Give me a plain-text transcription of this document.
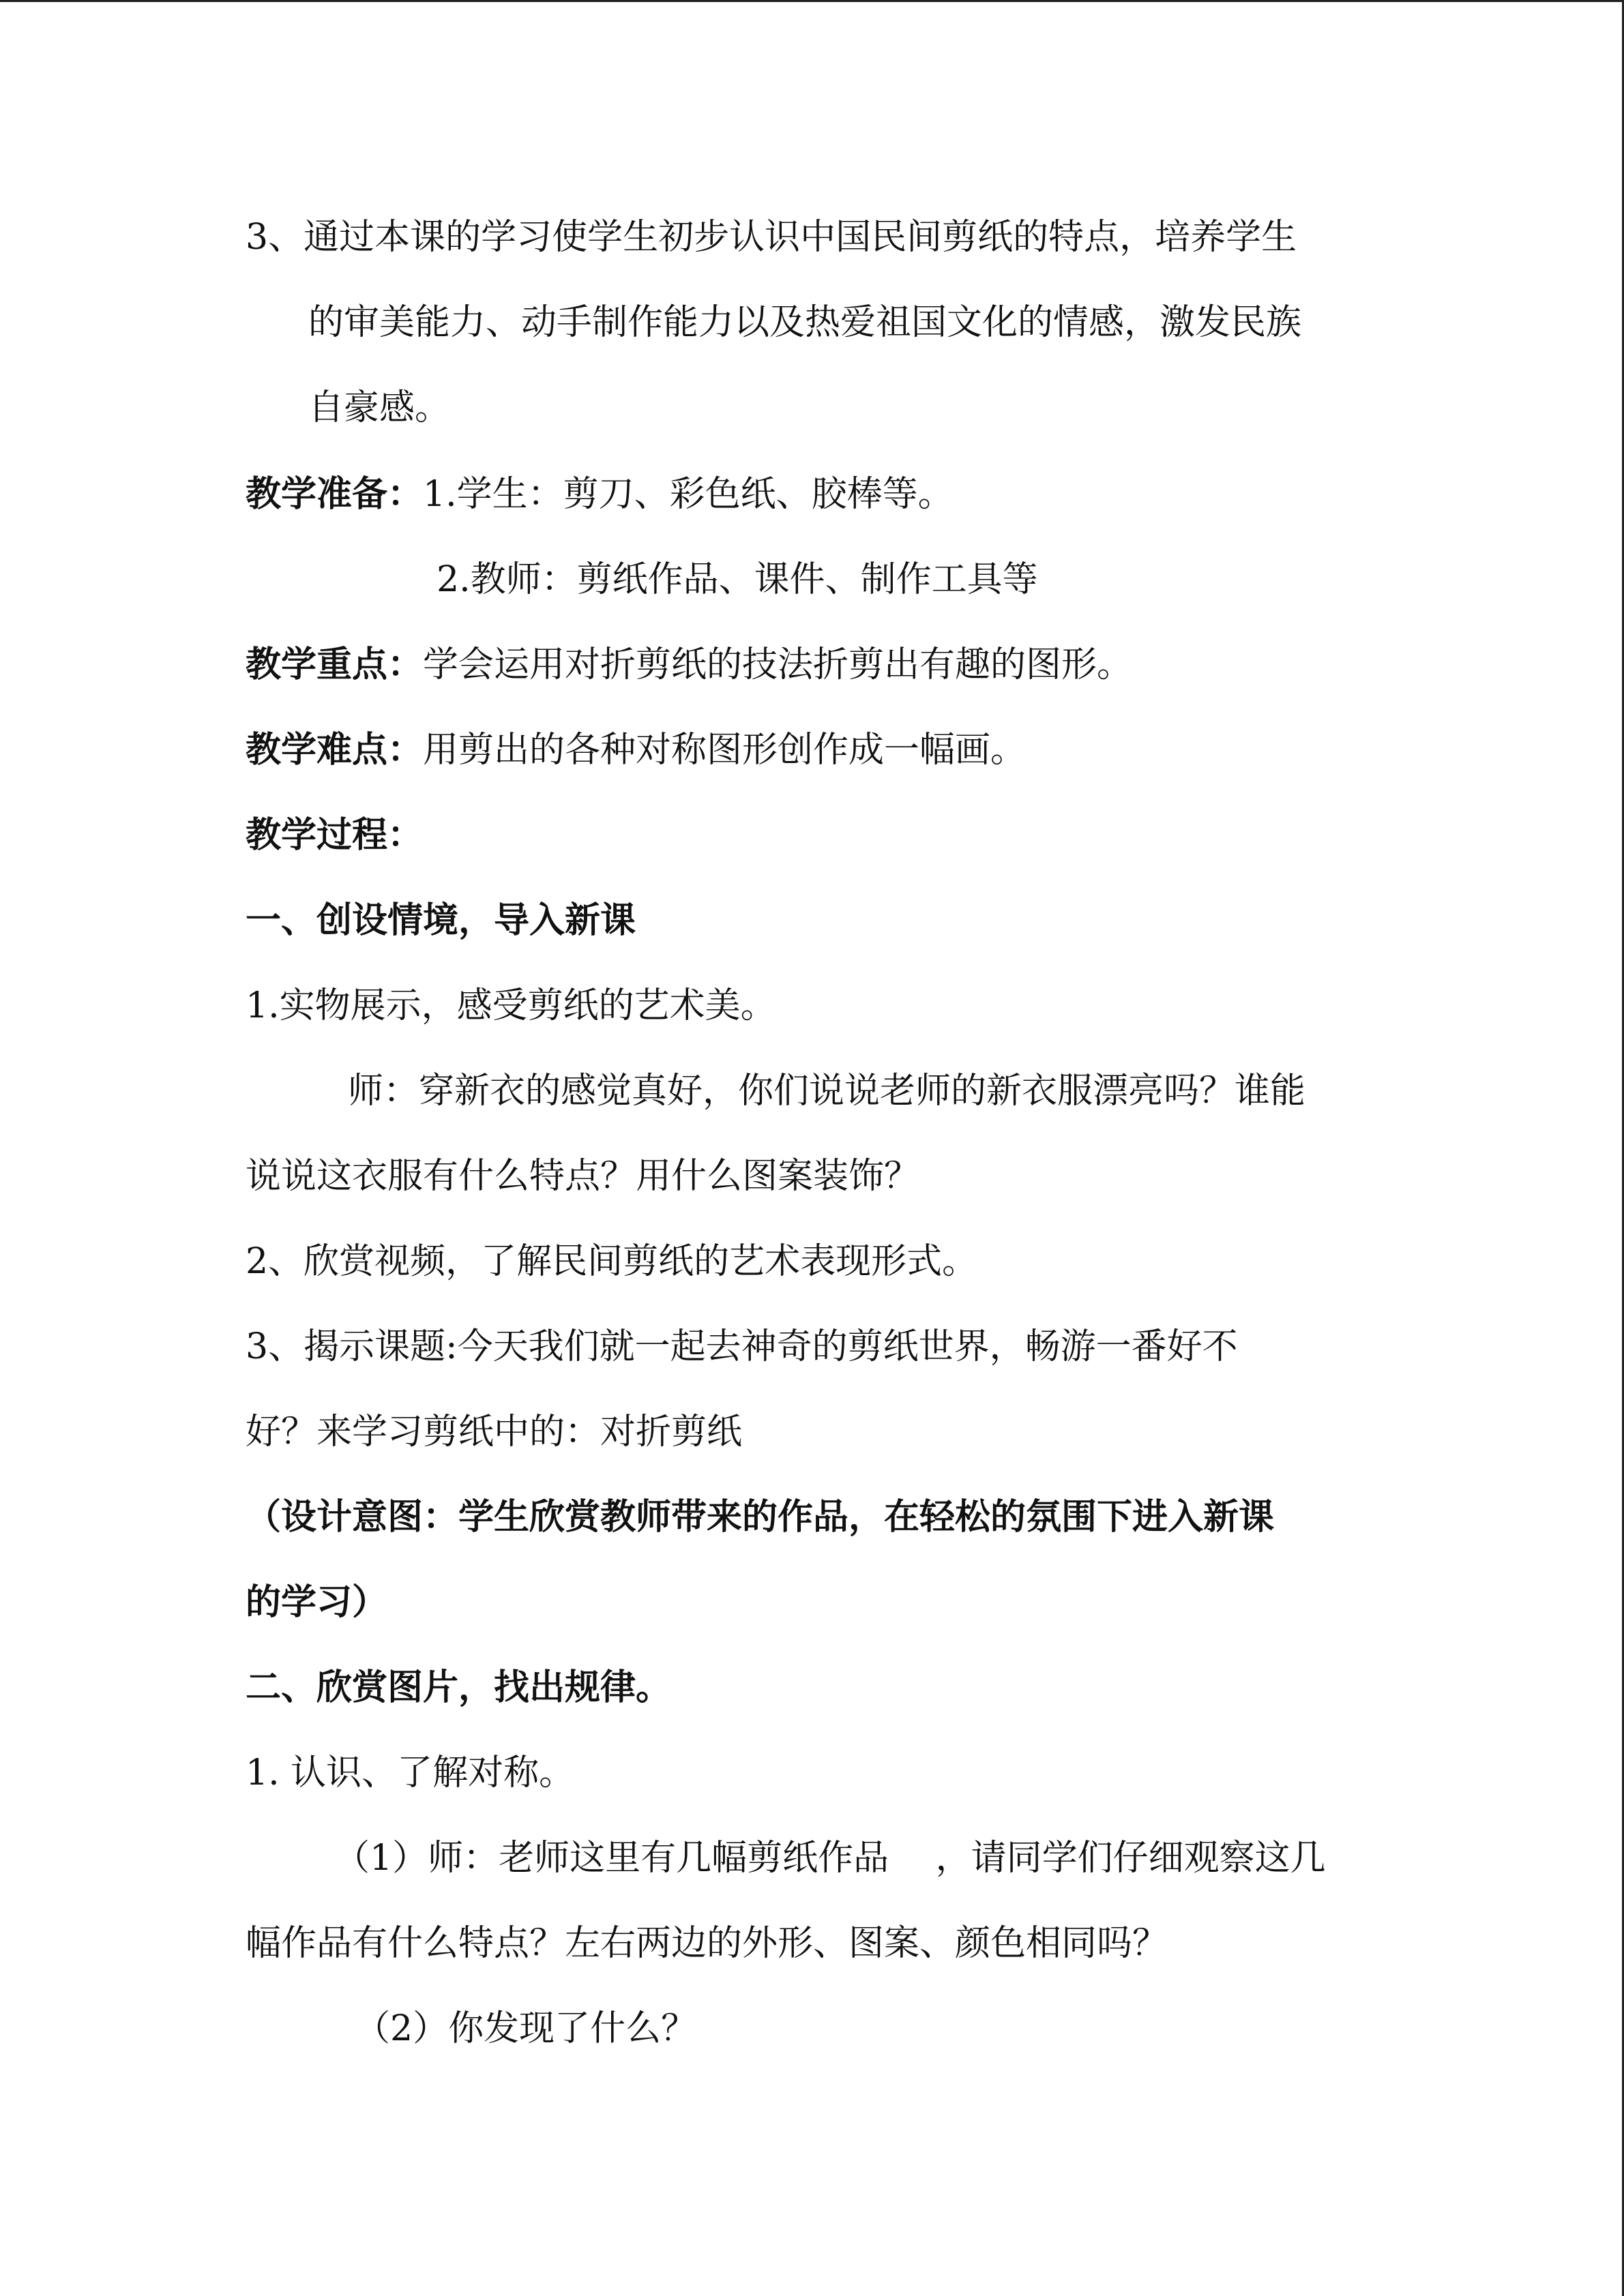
3、通过本课的学习使学生初步认识中国民间剪纸的特点，培养学生
的审美能力、动手制作能力以及热爱祖国文化的情感，激发民族
自豪感。
教学准备：1.学生：剪刀、彩色纸、胶棒等。
2.教师：剪纸作品、课件、制作工具等
教学重点：学会运用对折剪纸的技法折剪出有趣的图形。
教学难点：用剪出的各种对称图形创作成一幅画。
教学过程：
一、创设情境，导入新课
1.实物展示，感受剪纸的艺术美。
师：穿新衣的感觉真好，你们说说老师的新衣服漂亮吗？谁能
说说这衣服有什么特点？用什么图案装饰？
2、欣赏视频，了解民间剪纸的艺术表现形式。
3、揭示课题:今天我们就一起去神奇的剪纸世界，畅游一番好不
好？来学习剪纸中的：对折剪纸
（设计意图：学生欣赏教师带来的作品，在轻松的氛围下进入新课
的学习）
二、欣赏图片，找出规律。
1. 认识、了解对称。
（1）师：老师这里有几幅剪纸作品　 ，请同学们仔细观察这几
幅作品有什么特点？左右两边的外形、图案、颜色相同吗？
（2）你发现了什么？
